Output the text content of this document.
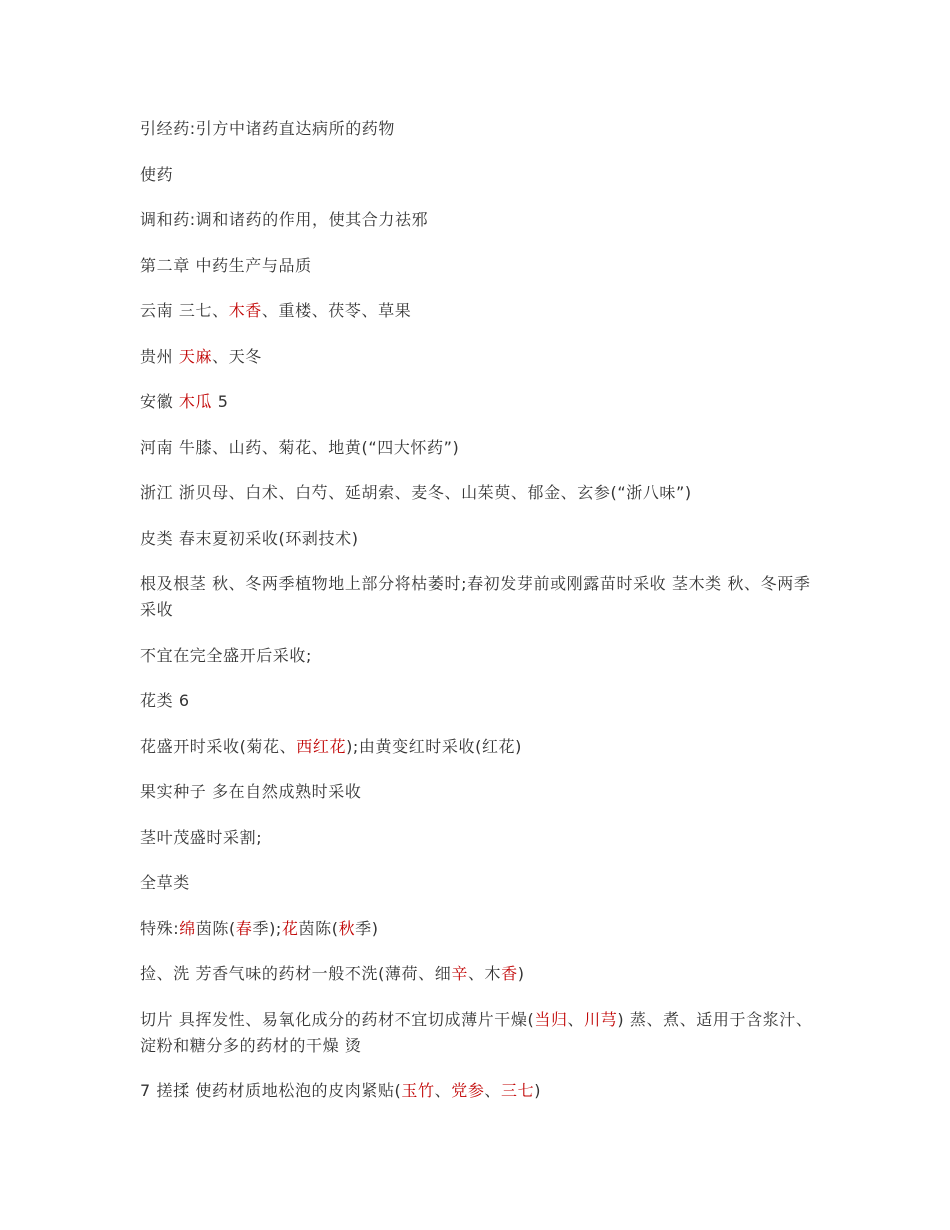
引经药:引方中诸药直达病所的药物

使药

调和药:调和诸药的作用，使其合力祛邪

第二章 中药生产与品质

云南 三七、木香、重楼、茯苓、草果

贵州 天麻、天冬

安徽 木瓜 5

河南 牛膝、山药、菊花、地黄(“四大怀药”)

浙江 浙贝母、白术、白芍、延胡索、麦冬、山茱萸、郁金、玄参(“浙八味”)

皮类 春末夏初采收(环剥技术)

根及根茎 秋、冬两季植物地上部分将枯萎时;春初发芽前或刚露苗时采收 茎木类 秋、冬两季采收

不宜在完全盛开后采收;

花类 6

花盛开时采收(菊花、西红花);由黄变红时采收(红花)

果实种子 多在自然成熟时采收

茎叶茂盛时采割;

全草类

特殊:绵茵陈(春季);花茵陈(秋季)

捡、洗 芳香气味的药材一般不洗(薄荷、细辛、木香)

切片 具挥发性、易氧化成分的药材不宜切成薄片干燥(当归、川芎) 蒸、煮、适用于含浆汁、淀粉和糖分多的药材的干燥 烫

7 搓揉 使药材质地松泡的皮肉紧贴(玉竹、党参、三七)
